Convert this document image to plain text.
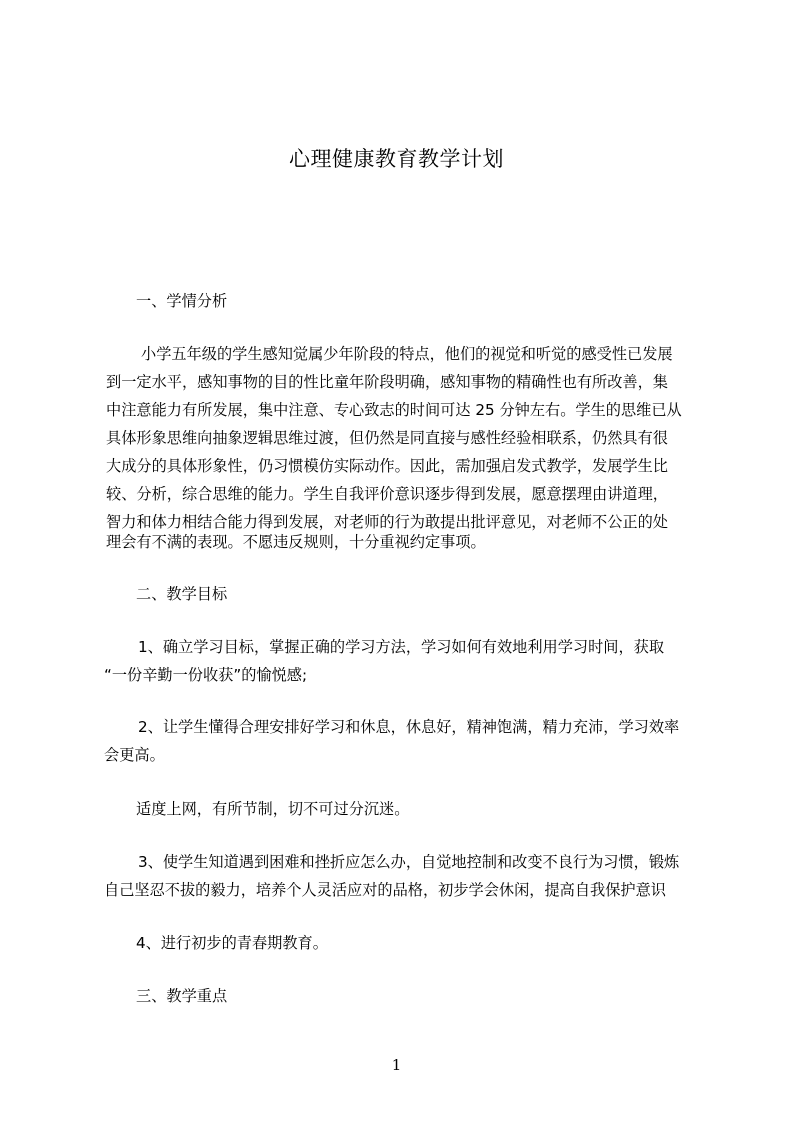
心理健康教育教学计划
一、学情分析
小学五年级的学生感知觉属少年阶段的特点，他们的视觉和听觉的感受性已发展
到一定水平，感知事物的目的性比童年阶段明确，感知事物的精确性也有所改善，集
中注意能力有所发展，集中注意、专心致志的时间可达 25 分钟左右。学生的思维已从
具体形象思维向抽象逻辑思维过渡，但仍然是同直接与感性经验相联系，仍然具有很
大成分的具体形象性，仍习惯模仿实际动作。因此，需加强启发式教学，发展学生比
较、分析，综合思维的能力。学生自我评价意识逐步得到发展，愿意摆理由讲道理，
智力和体力相结合能力得到发展，对老师的行为敢提出批评意见，对老师不公正的处
理会有不满的表现。不愿违反规则，十分重视约定事项。
二、教学目标
1、确立学习目标，掌握正确的学习方法，学习如何有效地利用学习时间，获取
“一份辛勤一份收获”的愉悦感;
2、让学生懂得合理安排好学习和休息，休息好，精神饱满，精力充沛，学习效率
会更高。
适度上网，有所节制，切不可过分沉迷。
3、使学生知道遇到困难和挫折应怎么办，自觉地控制和改变不良行为习惯，锻炼
自己坚忍不拔的毅力，培养个人灵活应对的品格，初步学会休闲，提高自我保护意识
4、进行初步的青春期教育。
三、教学重点
1
